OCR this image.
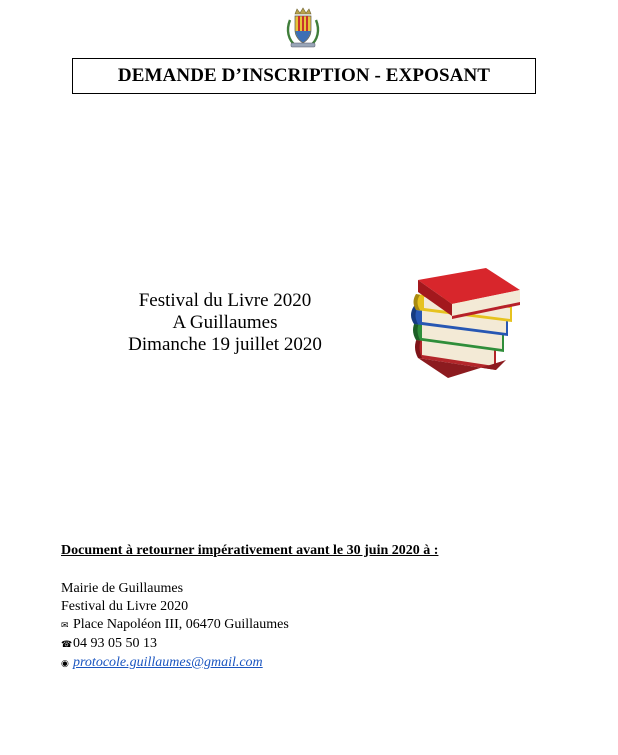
DEMANDE D’INSCRIPTION - EXPOSANT
Festival du Livre 2020
A Guillaumes
Dimanche 19 juillet 2020
Document à retourner impérativement avant le 30 juin 2020 à :
Mairie de Guillaumes
Festival du Livre 2020
✉ Place Napoléon III, 06470 Guillaumes
☎04 93 05 50 13
◉ protocole.guillaumes@gmail.com
